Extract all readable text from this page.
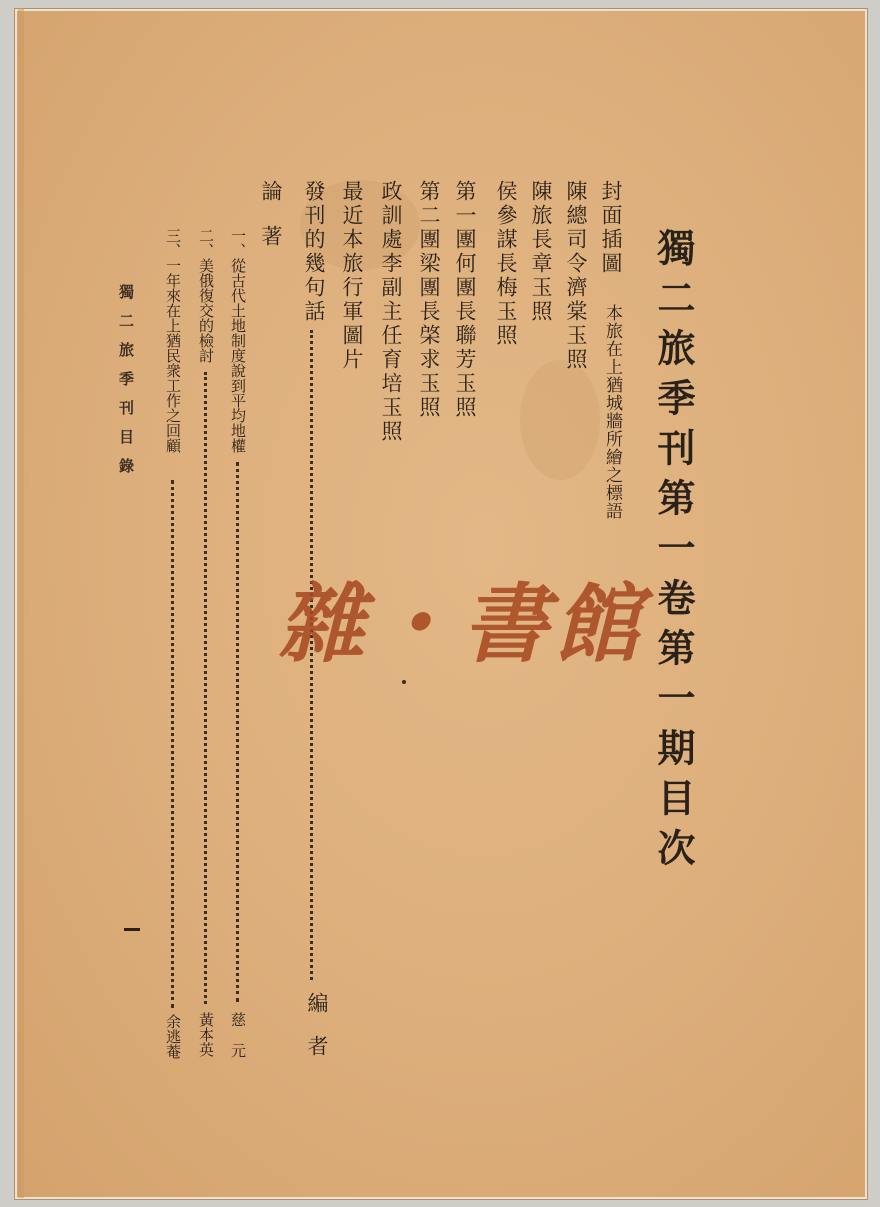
獨二旅季刊第一卷第一期目次
封面插圖
本旅在上猶城牆所繪之標語
陳總司令濟棠玉照
陳旅長章玉照
侯參謀長梅玉照
第一團何團長聯芳玉照
第二團梁團長棨求玉照
政訓處李副主任育培玉照
最近本旅行軍圖片
發刊的幾句話
編者
論著
一、從古代土地制度說到平均地權
慈元
二、美俄復交的檢討
黃本英
三、一年來在上猶民衆工作之回顧
余逃菴
獨二旅季刊目錄
雜・書館
